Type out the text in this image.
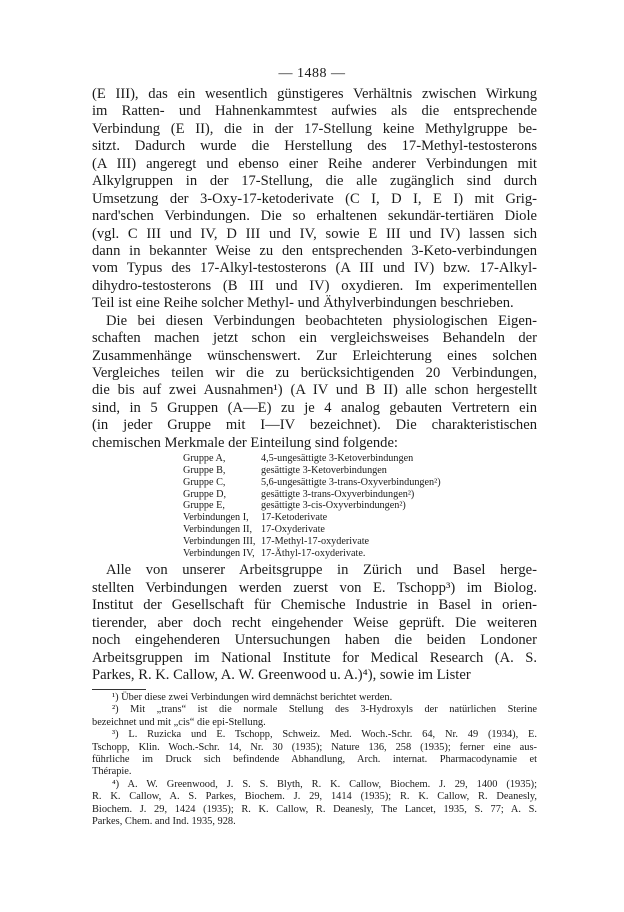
— 1488 —
(E III), das ein wesentlich günstigeres Verhältnis zwischen Wirkung
im Ratten- und Hahnenkammtest aufwies als die entsprechende
Verbindung (E II), die in der 17-Stellung keine Methylgruppe be-
sitzt. Dadurch wurde die Herstellung des 17-Methyl-testosterons
(A III) angeregt und ebenso einer Reihe anderer Verbindungen mit
Alkylgruppen in der 17-Stellung, die alle zugänglich sind durch
Umsetzung der 3-Oxy-17-ketoderivate (C I, D I, E I) mit Grig-
nard'schen Verbindungen. Die so erhaltenen sekundär-tertiären Diole
(vgl. C III und IV, D III und IV, sowie E III und IV) lassen sich
dann in bekannter Weise zu den entsprechenden 3-Keto-verbindungen
vom Typus des 17-Alkyl-testosterons (A III und IV) bzw. 17-Alkyl-
dihydro-testosterons (B III und IV) oxydieren. Im experimentellen
Teil ist eine Reihe solcher Methyl- und Äthylverbindungen beschrieben.
Die bei diesen Verbindungen beobachteten physiologischen Eigen-
schaften machen jetzt schon ein vergleichsweises Behandeln der
Zusammenhänge wünschenswert. Zur Erleichterung eines solchen
Vergleiches teilen wir die zu berücksichtigenden 20 Verbindungen,
die bis auf zwei Ausnahmen¹) (A IV und B II) alle schon hergestellt
sind, in 5 Gruppen (A—E) zu je 4 analog gebauten Vertretern ein
(in jeder Gruppe mit I—IV bezeichnet). Die charakteristischen
chemischen Merkmale der Einteilung sind folgende:
Gruppe A,	4,5-ungesättigte 3-Ketoverbindungen
Gruppe B,	gesättigte 3-Ketoverbindungen
Gruppe C,	5,6-ungesättigte 3-trans-Oxyverbindungen²)
Gruppe D,	gesättigte 3-trans-Oxyverbindungen²)
Gruppe E,	gesättigte 3-cis-Oxyverbindungen²)
Verbindungen I, 17-Ketoderivate
Verbindungen II, 17-Oxyderivate
Verbindungen III, 17-Methyl-17-oxyderivate
Verbindungen IV, 17-Äthyl-17-oxyderivate.
Alle von unserer Arbeitsgruppe in Zürich und Basel herge-
stellten Verbindungen werden zuerst von E. Tschopp³) im Biolog.
Institut der Gesellschaft für Chemische Industrie in Basel in orien-
tierender, aber doch recht eingehender Weise geprüft. Die weiteren
noch eingehenderen Untersuchungen haben die beiden Londoner
Arbeitsgruppen im National Institute for Medical Research (A. S.
Parkes, R. K. Callow, A. W. Greenwood u. A.)⁴), sowie im Lister
¹) Über diese zwei Verbindungen wird demnächst berichtet werden.
²) Mit „trans“ ist die normale Stellung des 3-Hydroxyls der natürlichen Sterine
bezeichnet und mit „cis“ die epi-Stellung.
³) L. Ruzicka und E. Tschopp, Schweiz. Med. Woch.-Schr. 64, Nr. 49 (1934), E.
Tschopp, Klin. Woch.-Schr. 14, Nr. 30 (1935); Nature 136, 258 (1935); ferner eine aus-
führliche im Druck sich befindende Abhandlung, Arch. internat. Pharmacodynamie et
Thérapie.
⁴) A. W. Greenwood, J. S. S. Blyth, R. K. Callow, Biochem. J. 29, 1400 (1935);
R. K. Callow, A. S. Parkes, Biochem. J. 29, 1414 (1935); R. K. Callow, R. Deanesly,
Biochem. J. 29, 1424 (1935); R. K. Callow, R. Deanesly, The Lancet, 1935, S. 77; A. S.
Parkes, Chem. and Ind. 1935, 928.
